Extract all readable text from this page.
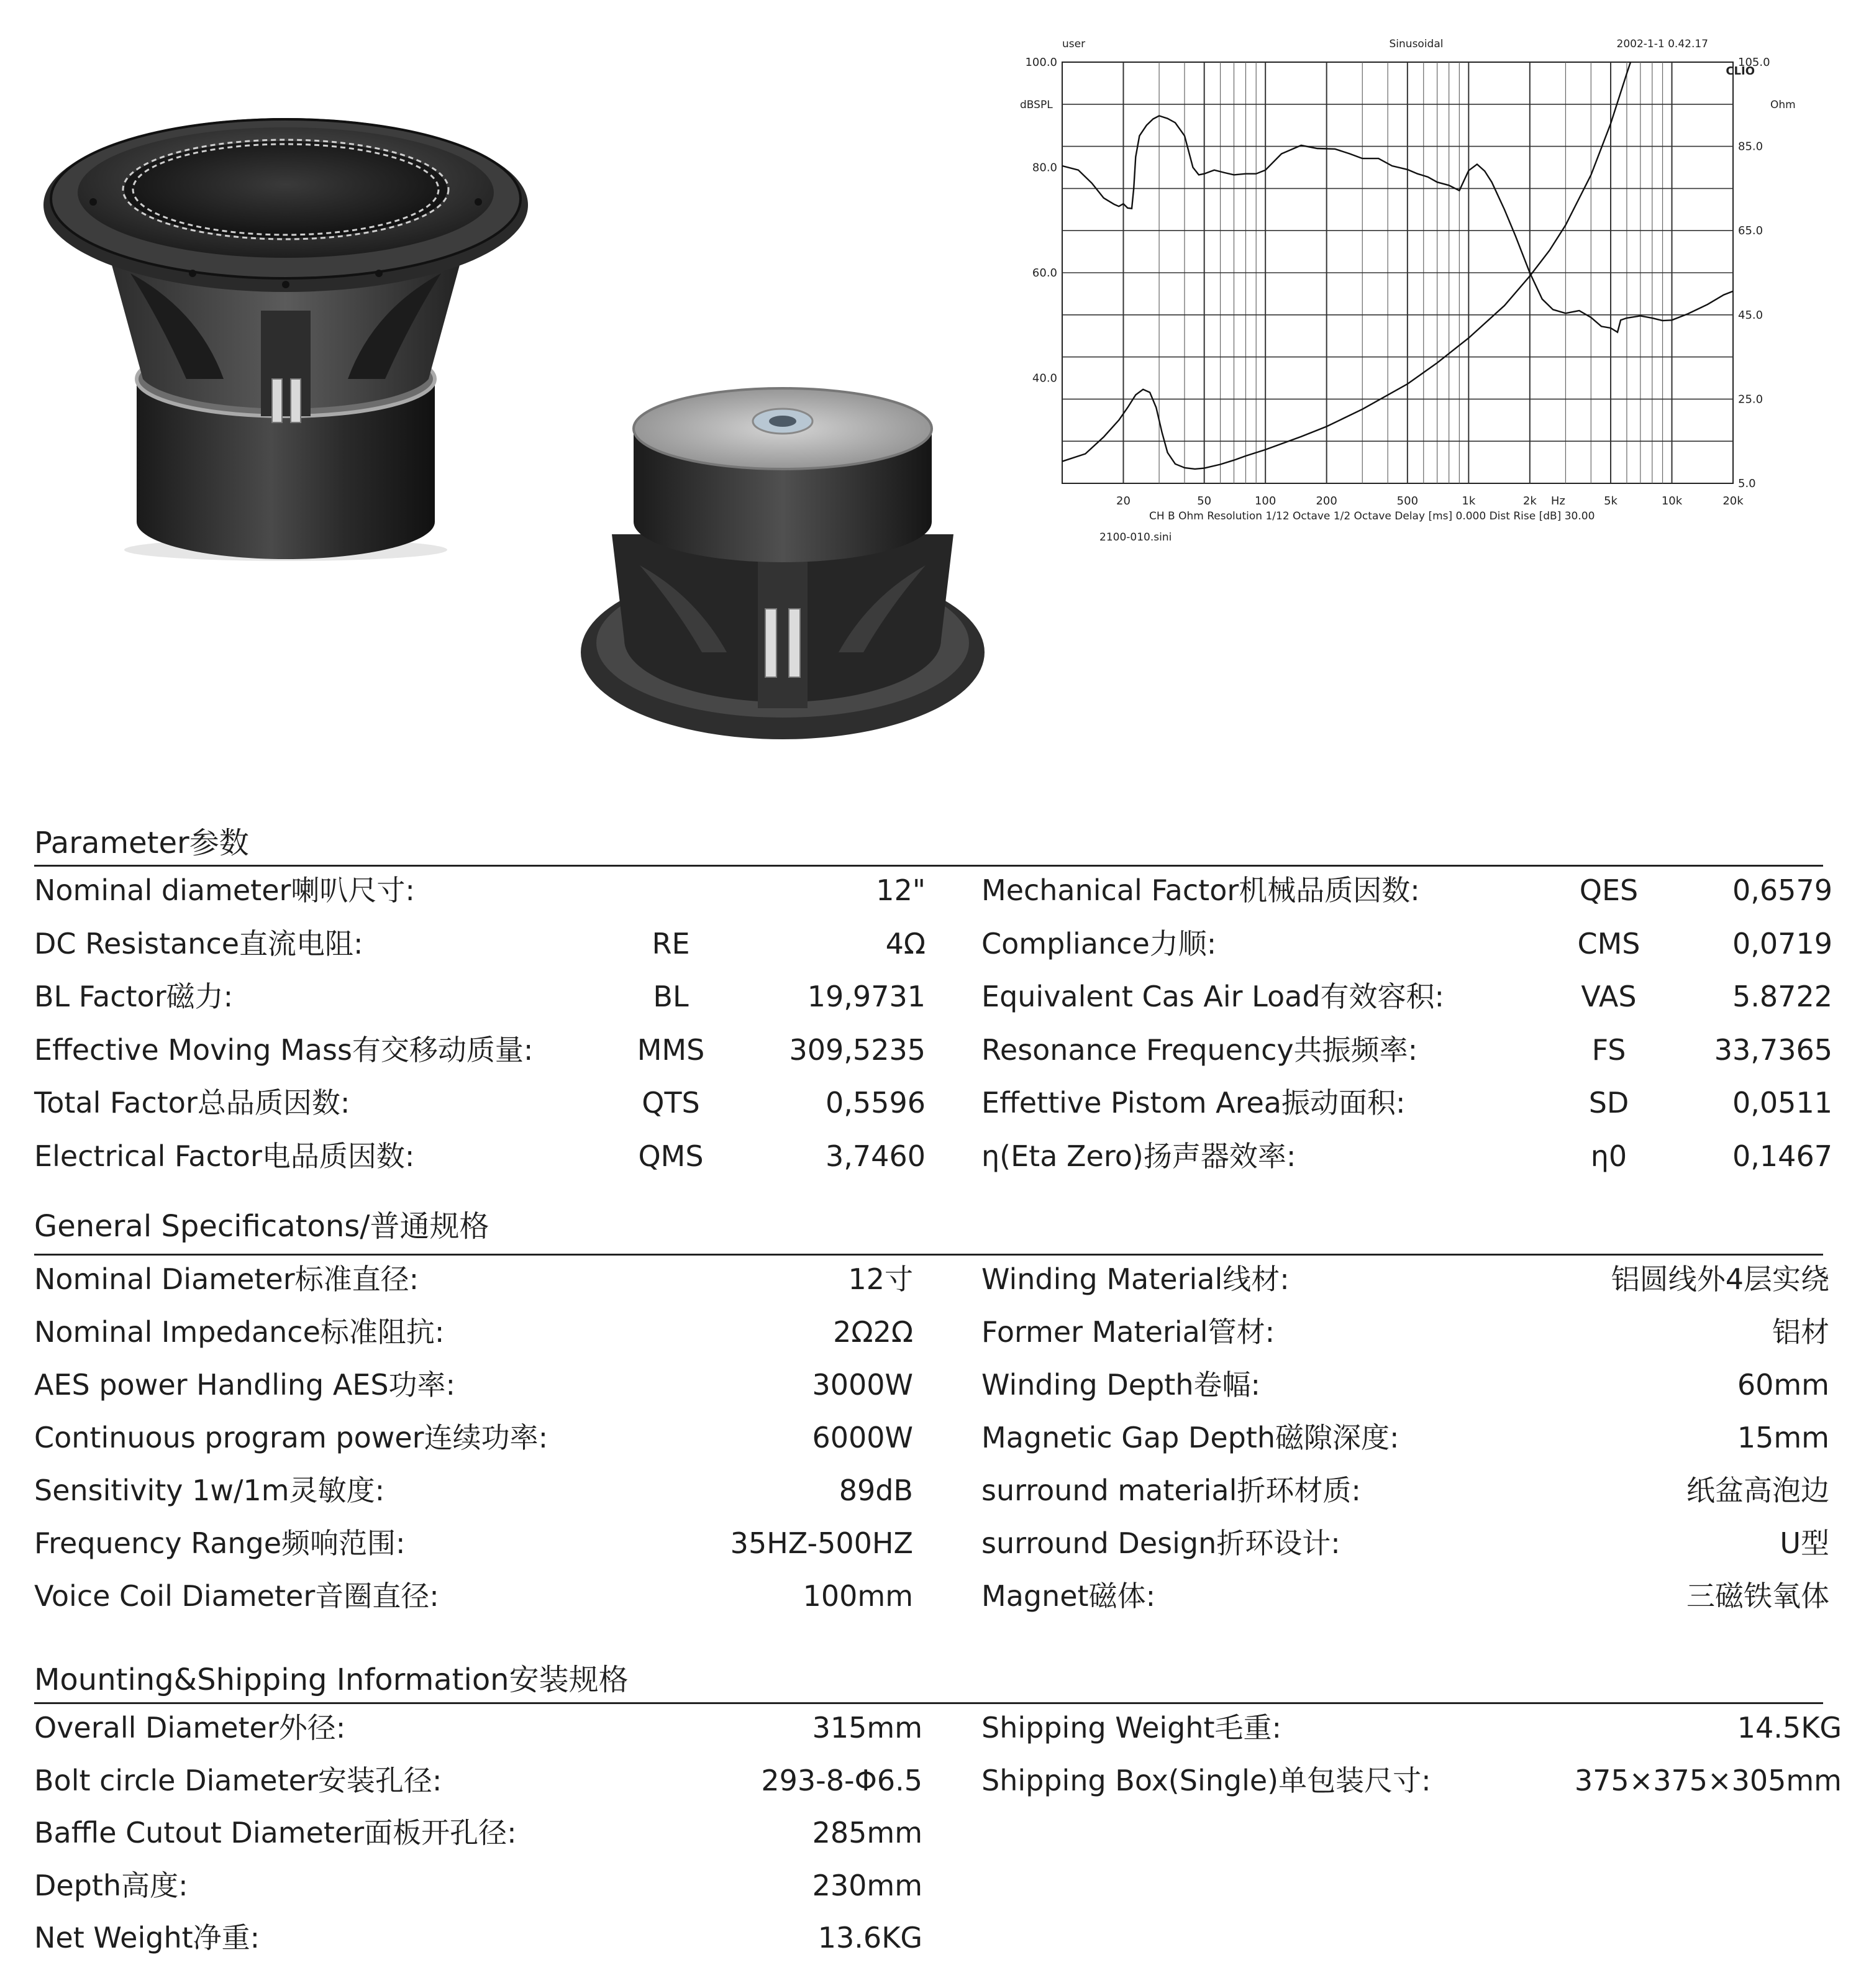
user	Sinusoidal	2002-1-1 0.42.17
CLIO
dBSPL	Ohm
100.0
80.0
60.0
40.0
105.0
85.0
65.0
45.0
25.0
5.0
20	50	100	200	500	1k	2k	5k	10k	20k
Hz
CH B Ohm Resolution 1/12 Octave 1/2 Octave Delay [ms] 0.000 Dist Rise [dB] 30.00
2100-010.sini
Parameter参数
Nominal diameter喇叭尺寸:	12"
DC Resistance直流电阻:	RE	4Ω
BL Factor磁力:	BL	19,9731
Effective Moving Mass有交移动质量:	MMS	309,5235
Total Factor总品质因数:	QTS	0,5596
Electrical Factor电品质因数:	QMS	3,7460
Mechanical Factor机械品质因数:	QES	0,6579
Compliance力顺:	CMS	0,0719
Equivalent Cas Air Load有效容积:	VAS	5.8722
Resonance Frequency共振频率:	FS	33,7365
Effettive Pistom Area振动面积:	SD	0,0511
η(Eta Zero)扬声器效率:	η0	0,1467
General Specificatons/普通规格
Nominal Diameter标准直径:	12寸
Nominal Impedance标准阻抗:	2Ω2Ω
AES power Handling AES功率:	3000W
Continuous program power连续功率:	6000W
Sensitivity 1w/1m灵敏度:	89dB
Frequency Range频响范围:	35HZ-500HZ
Voice Coil Diameter音圈直径:	100mm
Winding Material线材:	铝圆线外4层实绕
Former Material管材:	铝材
Winding Depth卷幅:	60mm
Magnetic Gap Depth磁隙深度:	15mm
surround material折环材质:	纸盆高泡边
surround Design折环设计:	U型
Magnet磁体:	三磁铁氧体
Mounting&Shipping Information安装规格
Overall Diameter外径:	315mm
Bolt circle Diameter安装孔径:	293-8-Φ6.5
Baffle Cutout Diameter面板开孔径:	285mm
Depth高度:	230mm
Net Weight净重:	13.6KG
Shipping Weight毛重:	14.5KG
Shipping Box(Single)单包装尺寸:	375×375×305mm
